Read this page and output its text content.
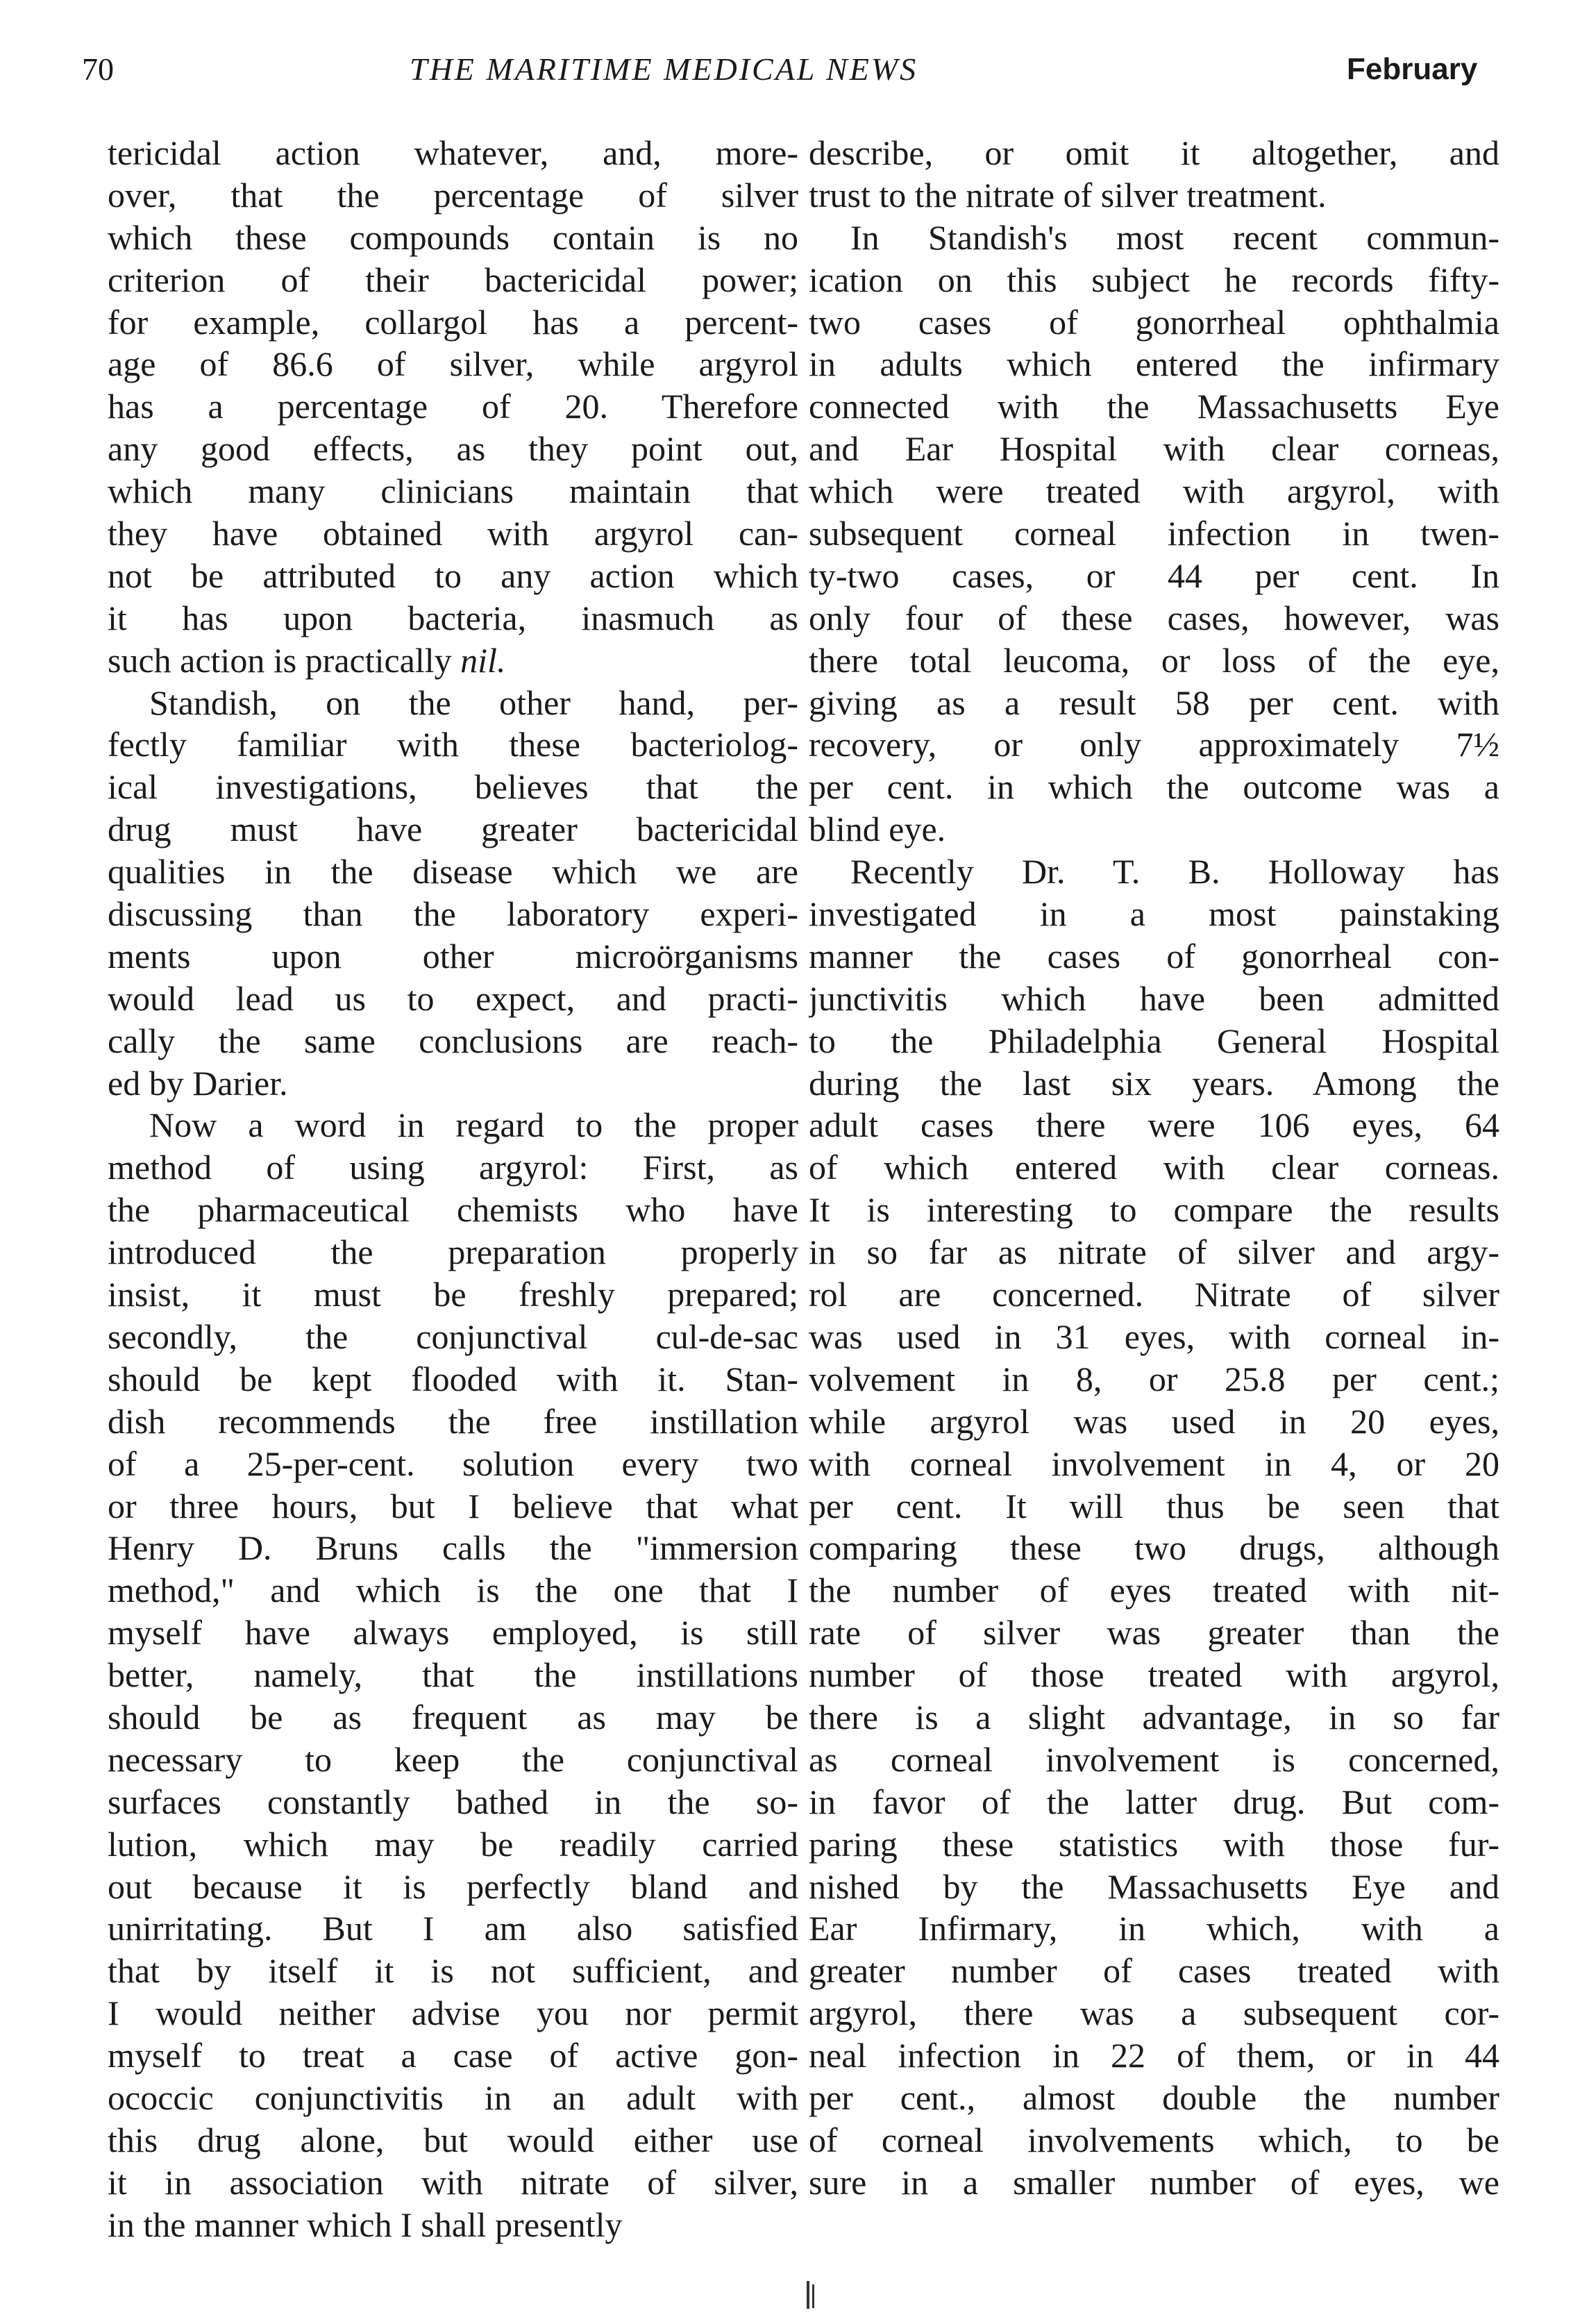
70	THE MARITIME MEDICAL NEWS	February
tericidal action whatever, and, more-
over, that the percentage of silver
which these compounds contain is no
criterion of their bactericidal power;
for example, collargol has a percent-
age of 86.6 of silver, while argyrol
has a percentage of 20. Therefore
any good effects, as they point out,
which many clinicians maintain that
they have obtained with argyrol can-
not be attributed to any action which
it has upon bacteria, inasmuch as
such action is practically nil.
Standish, on the other hand, per-
fectly familiar with these bacteriolog-
ical investigations, believes that the
drug must have greater bactericidal
qualities in the disease which we are
discussing than the laboratory experi-
ments upon other microörganisms
would lead us to expect, and practi-
cally the same conclusions are reach-
ed by Darier.
Now a word in regard to the proper
method of using argyrol: First, as
the pharmaceutical chemists who have
introduced the preparation properly
insist, it must be freshly prepared;
secondly, the conjunctival cul-de-sac
should be kept flooded with it. Stan-
dish recommends the free instillation
of a 25-per-cent. solution every two
or three hours, but I believe that what
Henry D. Bruns calls the "immersion
method," and which is the one that I
myself have always employed, is still
better, namely, that the instillations
should be as frequent as may be
necessary to keep the conjunctival
surfaces constantly bathed in the so-
lution, which may be readily carried
out because it is perfectly bland and
unirritating. But I am also satisfied
that by itself it is not sufficient, and
I would neither advise you nor permit
myself to treat a case of active gon-
ococcic conjunctivitis in an adult with
this drug alone, but would either use
it in association with nitrate of silver,
in the manner which I shall presently
describe, or omit it altogether, and
trust to the nitrate of silver treatment.
In Standish's most recent commun-
ication on this subject he records fifty-
two cases of gonorrheal ophthalmia
in adults which entered the infirmary
connected with the Massachusetts Eye
and Ear Hospital with clear corneas,
which were treated with argyrol, with
subsequent corneal infection in twen-
ty-two cases, or 44 per cent. In
only four of these cases, however, was
there total leucoma, or loss of the eye,
giving as a result 58 per cent. with
recovery, or only approximately 7½
per cent. in which the outcome was a
blind eye.
Recently Dr. T. B. Holloway has
investigated in a most painstaking
manner the cases of gonorrheal con-
junctivitis which have been admitted
to the Philadelphia General Hospital
during the last six years. Among the
adult cases there were 106 eyes, 64
of which entered with clear corneas.
It is interesting to compare the results
in so far as nitrate of silver and argy-
rol are concerned. Nitrate of silver
was used in 31 eyes, with corneal in-
volvement in 8, or 25.8 per cent.;
while argyrol was used in 20 eyes,
with corneal involvement in 4, or 20
per cent. It will thus be seen that
comparing these two drugs, although
the number of eyes treated with nit-
rate of silver was greater than the
number of those treated with argyrol,
there is a slight advantage, in so far
as corneal involvement is concerned,
in favor of the latter drug. But com-
paring these statistics with those fur-
nished by the Massachusetts Eye and
Ear Infirmary, in which, with a
greater number of cases treated with
argyrol, there was a subsequent cor-
neal infection in 22 of them, or in 44
per cent., almost double the number
of corneal involvements which, to be
sure in a smaller number of eyes, we
